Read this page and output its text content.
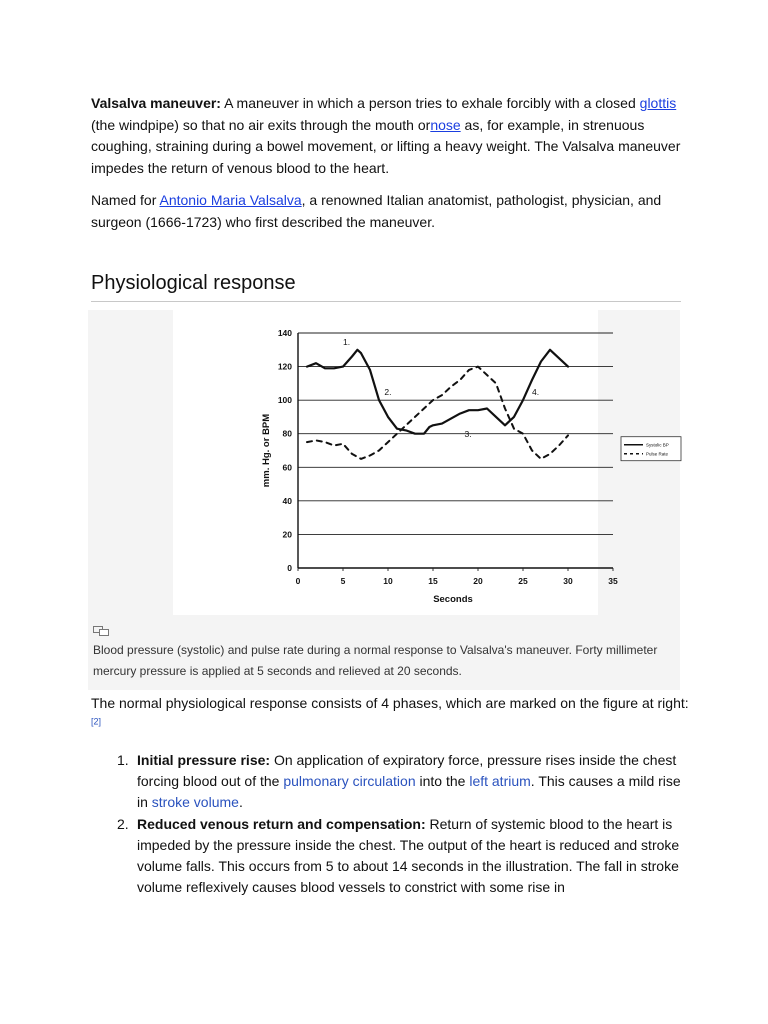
Valsalva maneuver: A maneuver in which a person tries to exhale forcibly with a closed glottis (the windpipe) so that no air exits through the mouth ornose as, for example, in strenuous coughing, straining during a bowel movement, or lifting a heavy weight. The Valsalva maneuver impedes the return of venous blood to the heart.

Named for Antonio Maria Valsalva, a renowned Italian anatomist, pathologist, physician, and surgeon (1666-1723) who first described the maneuver.

Physiological response
0
20
40
60
80
100
120
140
0	5	10	15	20	25	30	35
Seconds
mm. Hg. or BPM
1.
2.
3.
4.
Systolic BP
Pulse Rate

Blood pressure (systolic) and pulse rate during a normal response to Valsalva's maneuver. Forty millimeter mercury pressure is applied at 5 seconds and relieved at 20 seconds.

The normal physiological response consists of 4 phases, which are marked on the figure at right:[2]

1. Initial pressure rise: On application of expiratory force, pressure rises inside the chest forcing blood out of the pulmonary circulation into the left atrium. This causes a mild rise in stroke volume.
2. Reduced venous return and compensation: Return of systemic blood to the heart is impeded by the pressure inside the chest. The output of the heart is reduced and stroke volume falls. This occurs from 5 to about 14 seconds in the illustration. The fall in stroke volume reflexively causes blood vessels to constrict with some rise in
